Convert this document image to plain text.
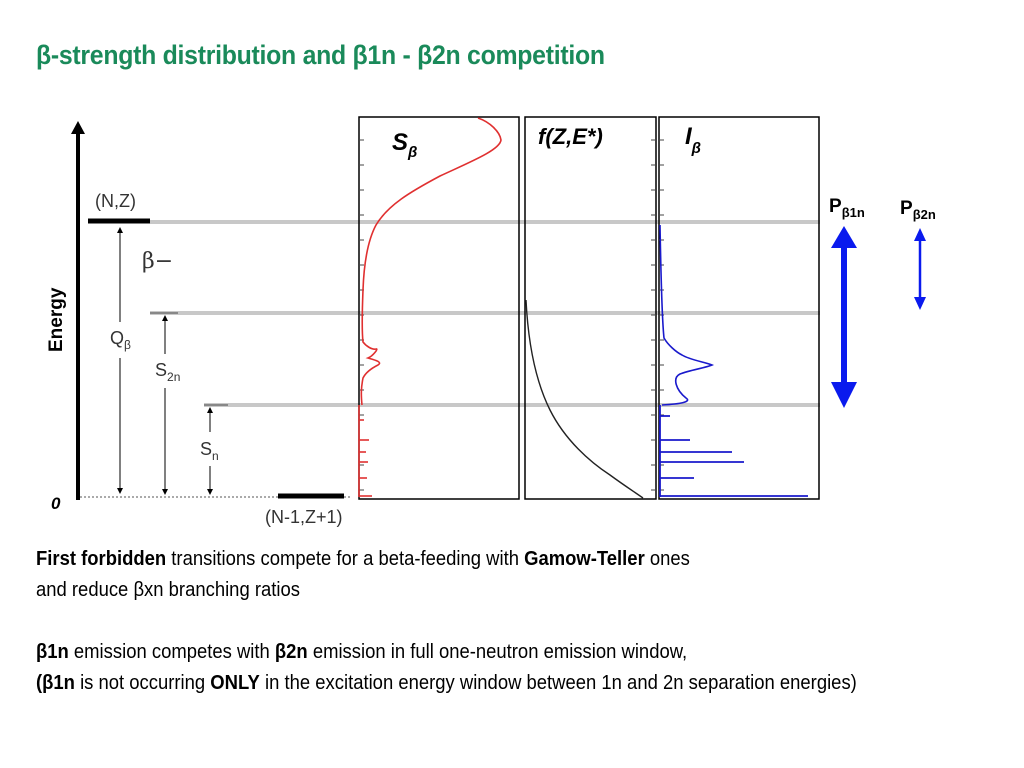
β-strength distribution and β1n - β2n competition
Energy
0
(N,Z)
(N-1,Z+1)
β−
$Q_\beta$
$S_{2n}$
$S_n$
$S_\beta$
f(Z,E*)	$I_\beta$
$P_{\beta 1n}$ $P_{\beta 2n}$
First forbidden transitions compete for a beta-feeding with Gamow-Teller ones
and reduce βxn branching ratios
β1n emission competes with β2n emission in full one-neutron emission window,
(β1n is not occurring ONLY in the excitation energy window between 1n and 2n separation energies)
